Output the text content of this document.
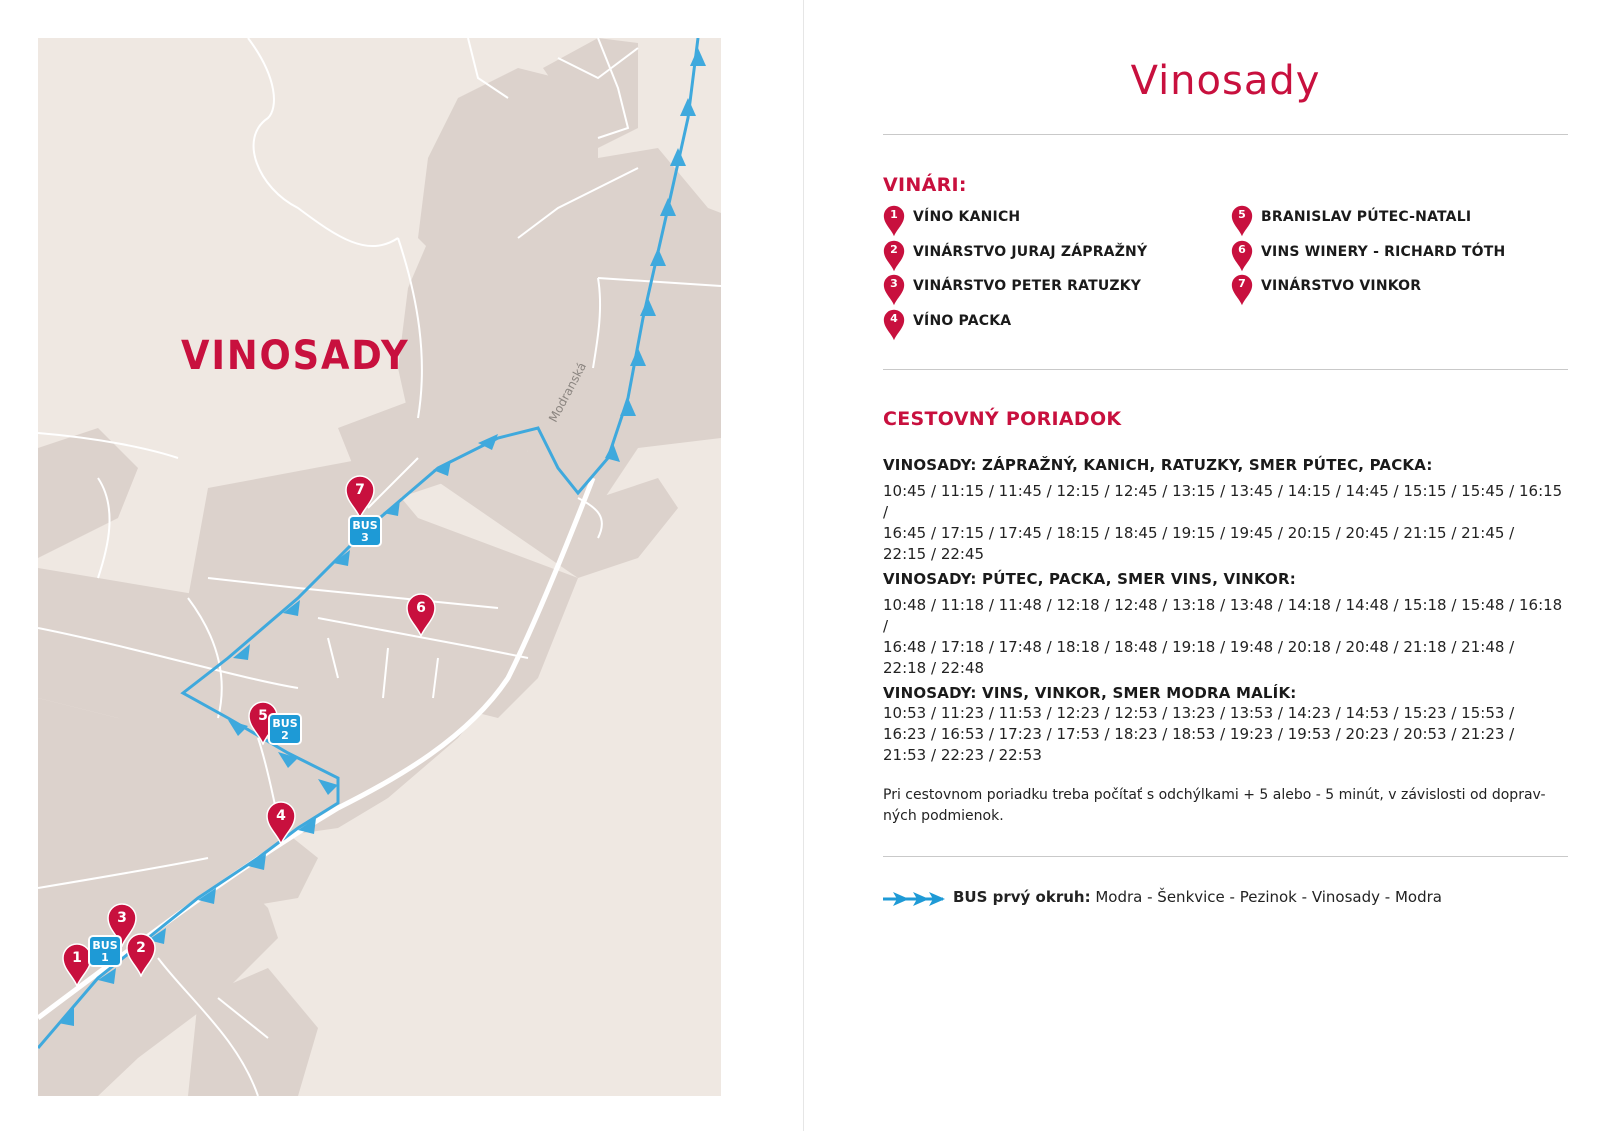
VINOSADY
Modranská
1
2
3
4
5
6
7
BUS
1
BUS
2
BUS
3
Vinosady
VINÁRI:
1	VÍNO KANICH
2	VINÁRSTVO JURAJ ZÁPRAŽNÝ
3	VINÁRSTVO PETER RATUZKY
4	VÍNO PACKA
5	BRANISLAV PÚTEC-NATALI
6	VINS WINERY - RICHARD TÓTH
7	VINÁRSTVO VINKOR
CESTOVNÝ PORIADOK
VINOSADY: ZÁPRAŽNÝ, KANICH, RATUZKY, SMER PÚTEC, PACKA:
10:45 / 11:15 / 11:45 / 12:15 / 12:45 / 13:15 / 13:45 / 14:15 / 14:45 / 15:15 / 15:45 / 16:15 /
16:45 / 17:15 / 17:45 / 18:15 / 18:45 / 19:15 / 19:45 / 20:15 / 20:45 / 21:15 / 21:45 /
22:15 / 22:45
VINOSADY: PÚTEC, PACKA, SMER VINS, VINKOR:
10:48 / 11:18 / 11:48 / 12:18 / 12:48 / 13:18 / 13:48 / 14:18 / 14:48 / 15:18 / 15:48 / 16:18 /
16:48 / 17:18 / 17:48 / 18:18 / 18:48 / 19:18 / 19:48 / 20:18 / 20:48 / 21:18 / 21:48 /
22:18 / 22:48
VINOSADY: VINS, VINKOR, SMER MODRA MALÍK:
10:53 / 11:23 / 11:53 / 12:23 / 12:53 / 13:23 / 13:53 / 14:23 / 14:53 / 15:23 / 15:53 /
16:23 / 16:53 / 17:23 / 17:53 / 18:23 / 18:53 / 19:23 / 19:53 / 20:23 / 20:53 / 21:23 /
21:53 / 22:23 / 22:53
Pri cestovnom poriadku treba počítať s odchýlkami + 5 alebo - 5 minút, v závislosti od doprav-
ných podmienok.
BUS prvý okruh: Modra - Šenkvice - Pezinok - Vinosady - Modra
